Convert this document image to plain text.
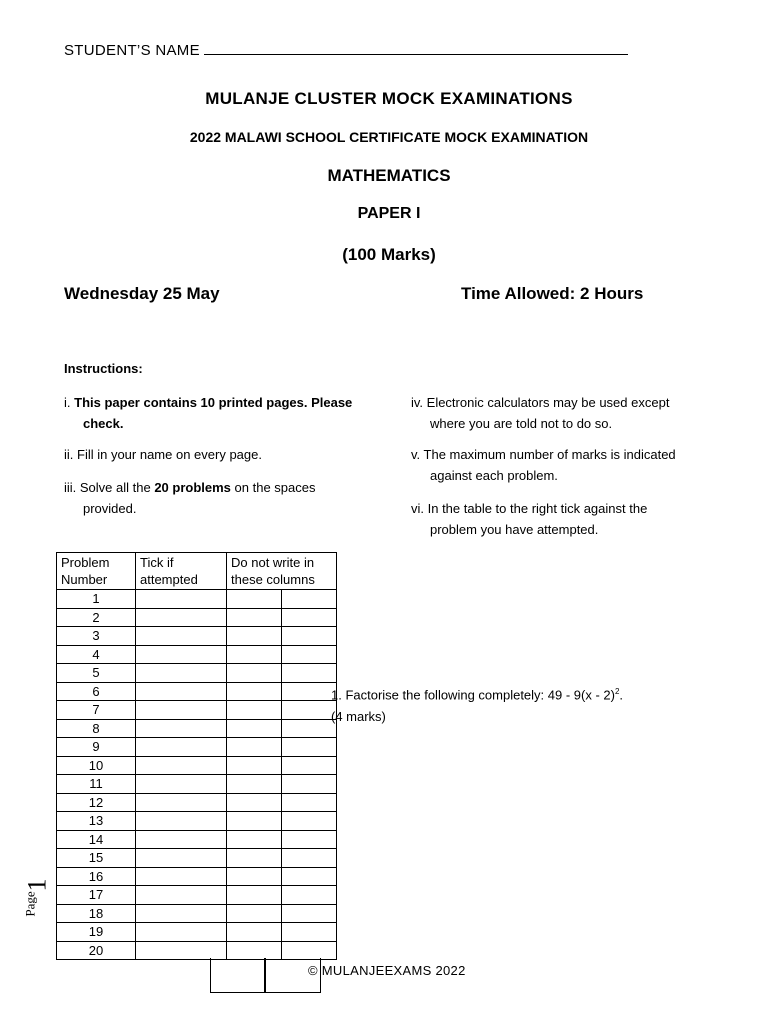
STUDENT’S NAME
MULANJE CLUSTER MOCK EXAMINATIONS
2022 MALAWI SCHOOL CERTIFICATE MOCK EXAMINATION
MATHEMATICS
PAPER I
(100 Marks)
Wednesday 25 May	Time Allowed: 2 Hours
Instructions:
i. This paper contains 10 printed pages. Please
check.
ii. Fill in your name on every page.
iii. Solve all the 20 problems on the spaces
provided.
iv. Electronic calculators may be used except
where you are told not to do so.
v. The maximum number of marks is indicated
against each problem.
vi. In the table to the right tick against the
problem you have attempted.
Problem Number	Tick if attempted	Do not write in these columns	
1			
2			
3			
4			
5			
6			
7			
8			
9			
10			
11			
12			
13			
14			
15			
16			
17			
18			
19			
20			
1. Factorise the following completely: 49 - 9(x - 2)$^2$.
(4 marks)
© MULANJEEXAMS 2022
Page
1
